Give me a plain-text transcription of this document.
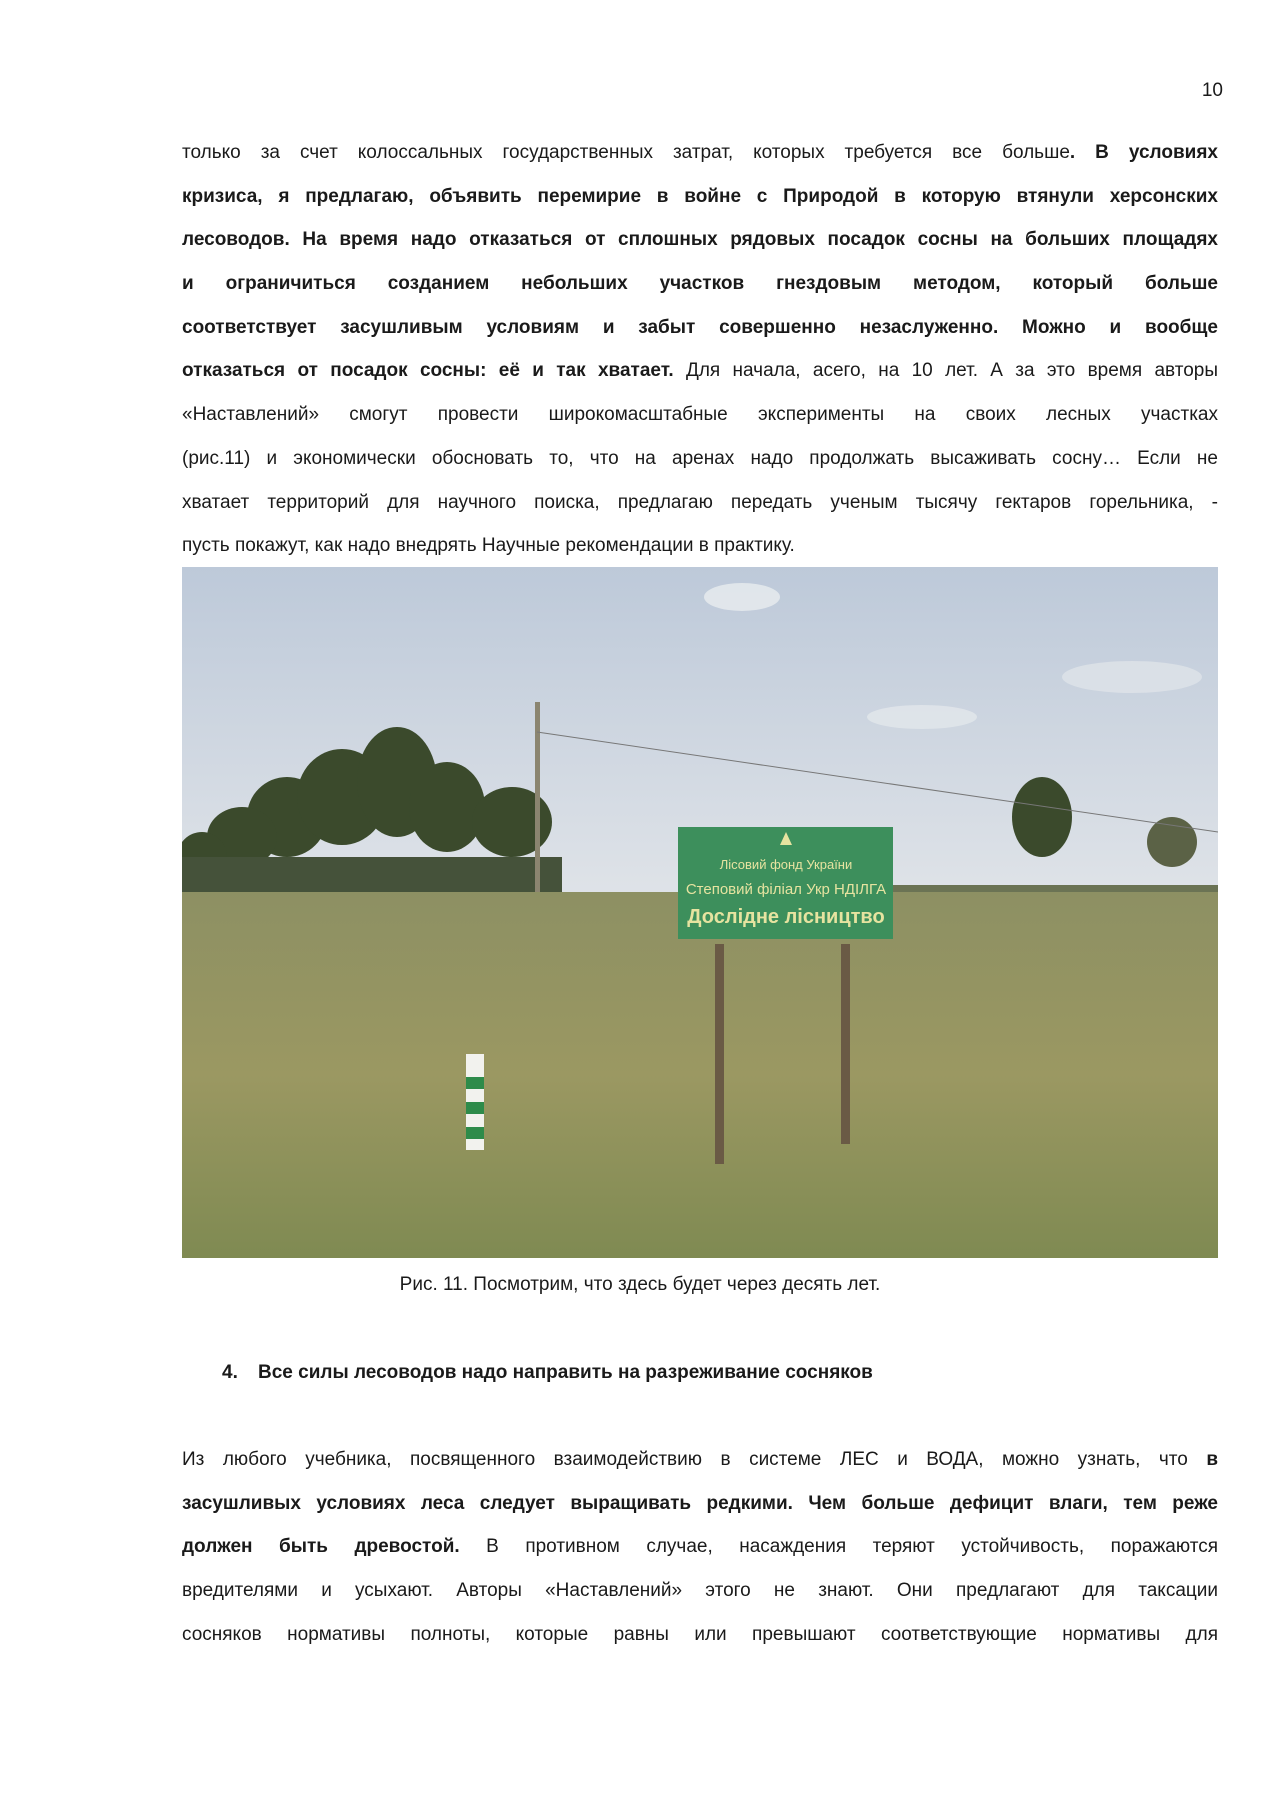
10
только за счет колоссальных государственных затрат, которых требуется все больше. В условиях
кризиса, я предлагаю, объявить перемирие в войне с Природой в которую втянули херсонских
лесоводов. На время надо отказаться от сплошных рядовых посадок сосны на больших площадях
и ограничиться созданием небольших участков гнездовым методом, который больше
соответствует засушливым условиям и забыт совершенно незаслуженно. Можно и вообще
отказаться от посадок сосны: её и так хватает. Для начала, асего, на 10 лет. А за это время авторы
«Наставлений» смогут провести широкомасштабные эксперименты на своих лесных участках
(рис.11) и экономически обосновать то, что на аренах надо продолжать высаживать сосну… Если не
хватает территорий для научного поиска, предлагаю передать ученым тысячу гектаров горельника, -
пусть покажут, как надо внедрять Научные рекомендации в практику.
Лісовий фонд України
Степовий філіал Укр НДІЛГА
Дослідне лісництво
Рис. 11. Посмотрим, что здесь будет через десять лет.
4. Все силы лесоводов надо направить на разреживание сосняков
Из любого учебника, посвященного взаимодействию в системе ЛЕС и ВОДА, можно узнать, что в
засушливых условиях леса следует выращивать редкими. Чем больше дефицит влаги, тем реже
должен быть древостой. В противном случае, насаждения теряют устойчивость, поражаются
вредителями и усыхают. Авторы «Наставлений» этого не знают. Они предлагают для таксации
сосняков нормативы полноты, которые равны или превышают соответствующие нормативы для
